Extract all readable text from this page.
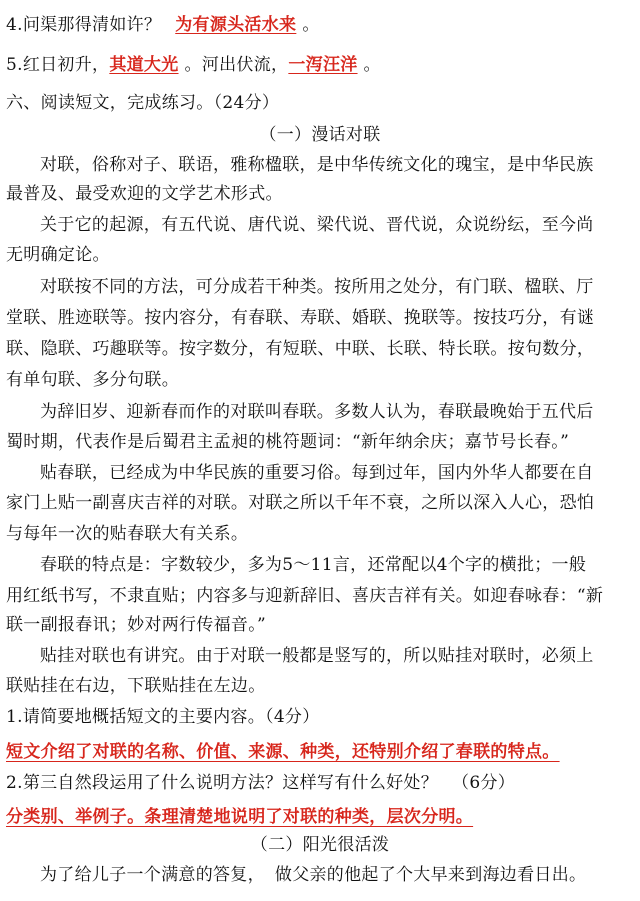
4.问渠那得清如许？ 为有源头活水来 。
5.红日初升，其道大光 。河出伏流，一泻汪洋 。
六、阅读短文，完成练习。（24分）
（一）漫话对联
对联，俗称对子、联语，雅称楹联，是中华传统文化的瑰宝，是中华民族
最普及、最受欢迎的文学艺术形式。
关于它的起源，有五代说、唐代说、梁代说、晋代说，众说纷纭，至今尚
无明确定论。
对联按不同的方法，可分成若干种类。按所用之处分，有门联、楹联、厅
堂联、胜迹联等。按内容分，有春联、寿联、婚联、挽联等。按技巧分，有谜
联、隐联、巧趣联等。按字数分，有短联、中联、长联、特长联。按句数分，
有单句联、多分句联。
为辞旧岁、迎新春而作的对联叫春联。多数人认为，春联最晚始于五代后
蜀时期，代表作是后蜀君主孟昶的桃符题词：“新年纳余庆；嘉节号长春。”
贴春联，已经成为中华民族的重要习俗。每到过年，国内外华人都要在自
家门上贴一副喜庆吉祥的对联。对联之所以千年不衰，之所以深入人心，恐怕
与每年一次的贴春联大有关系。
春联的特点是：字数较少，多为5～11言，还常配以4个字的横批；一般
用红纸书写，不隶直贴；内容多与迎新辞旧、喜庆吉祥有关。如迎春咏春：“新
联一副报春讯；妙对两行传福音。”
贴挂对联也有讲究。由于对联一般都是竖写的，所以贴挂对联时，必须上
联贴挂在右边，下联贴挂在左边。
1.请简要地概括短文的主要内容。（4分）
短文介绍了对联的名称、价值、来源、种类，还特别介绍了春联的特点。
2.第三自然段运用了什么说明方法？这样写有什么好处？ （6分）
分类别、举例子。条理清楚地说明了对联的种类，层次分明。
（二）阳光很活泼
为了给儿子一个满意的答复， 做父亲的他起了个大早来到海边看日出。
